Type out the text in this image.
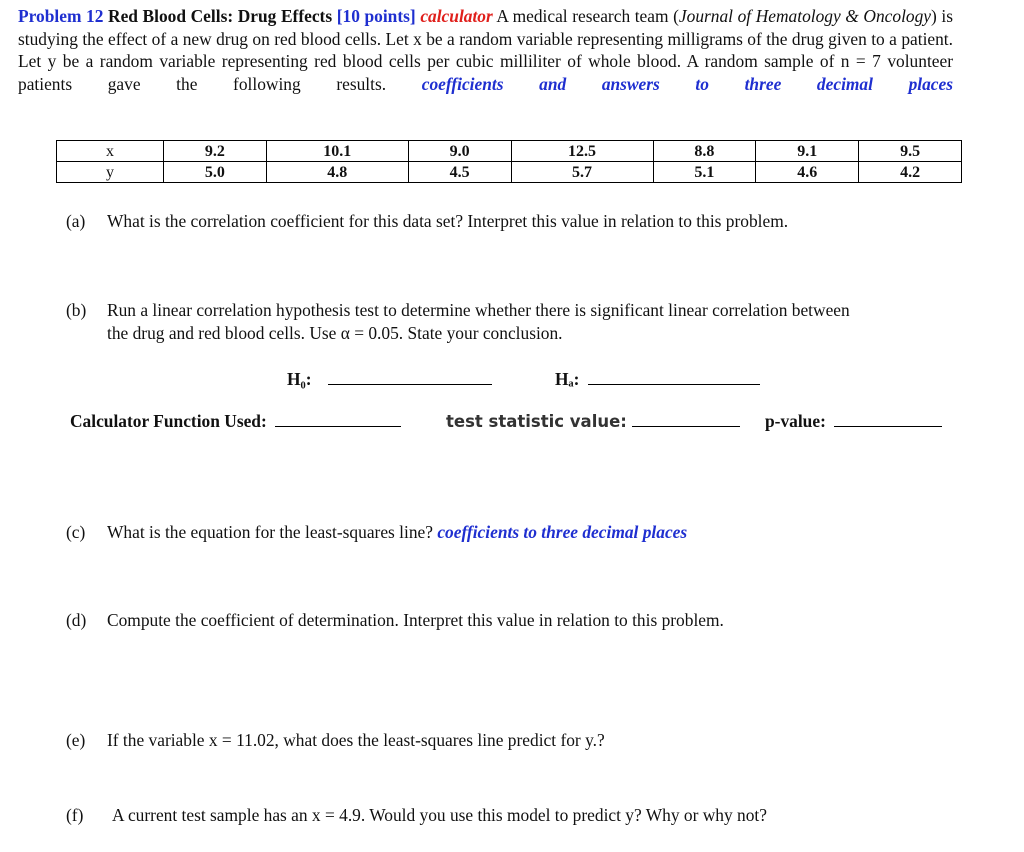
Problem 12 Red Blood Cells: Drug Effects [10 points] calculator A medical research team (Journal of Hematology & Oncology) is studying the effect of a new drug on red blood cells. Let x be a random variable representing milligrams of the drug given to a patient. Let y be a random variable representing red blood cells per cubic milliliter of whole blood. A random sample of n = 7 volunteer patients gave the following results. coefficients and answers to three decimal places
x	9.2	10.1	9.0	12.5	8.8	9.1	9.5
y	5.0	4.8	4.5	5.7	5.1	4.6	4.2
(a) What is the correlation coefficient for this data set? Interpret this value in relation to this problem.
(b) Run a linear correlation hypothesis test to determine whether there is significant linear correlation between
the drug and red blood cells. Use α = 0.05. State your conclusion.
H₀:	Hₐ:
Calculator Function Used:	test statistic value:	p-value:
(c) What is the equation for the least-squares line? coefficients to three decimal places
(d) Compute the coefficient of determination. Interpret this value in relation to this problem.
(e) If the variable x = 11.02, what does the least-squares line predict for y.?
(f) A current test sample has an x = 4.9. Would you use this model to predict y? Why or why not?
